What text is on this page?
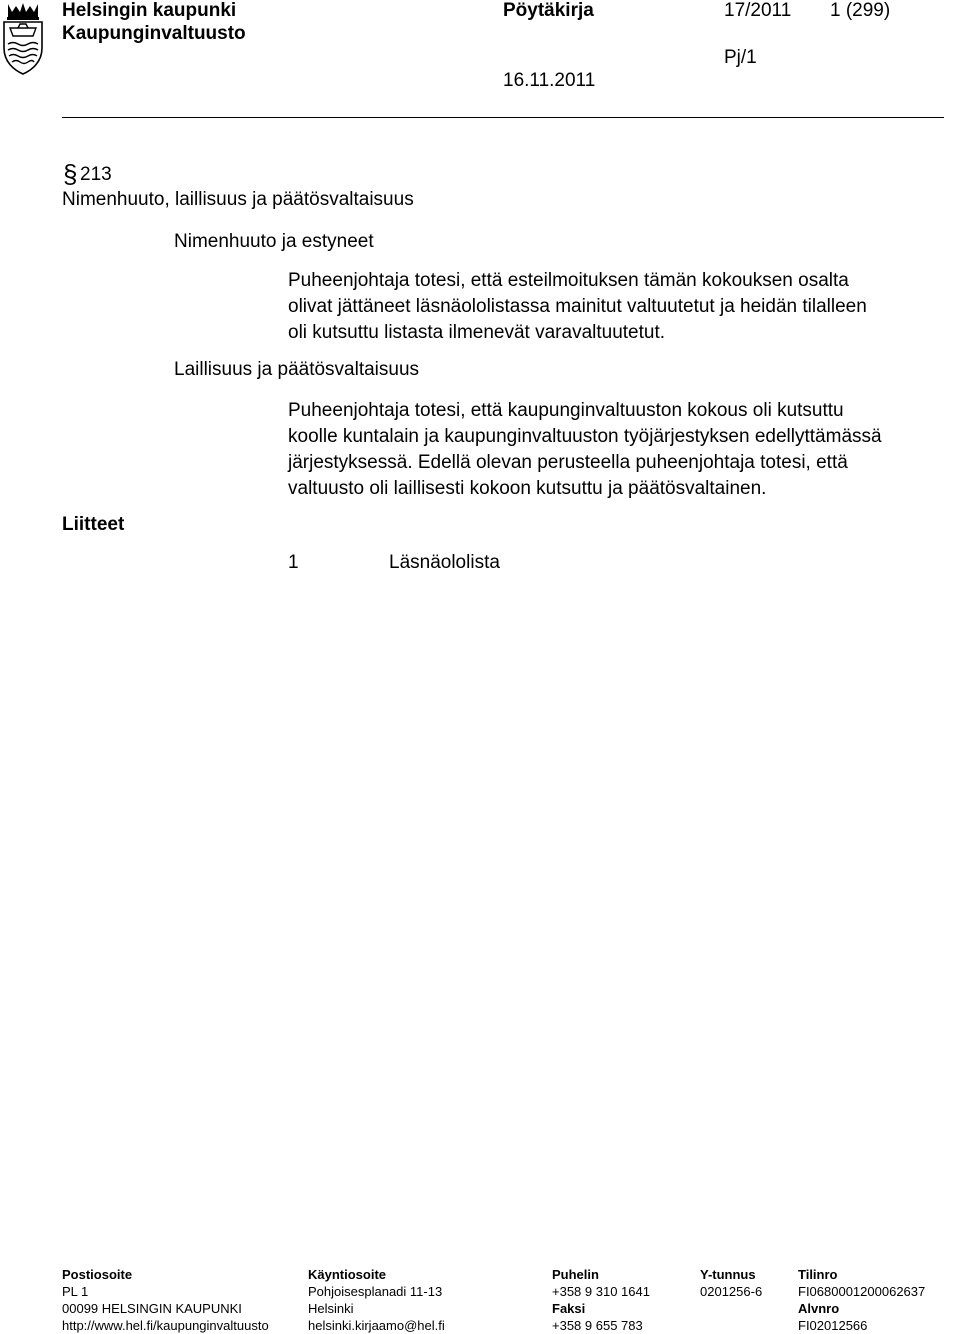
Helsingin kaupunki
Kaupunginvaltuusto
Pöytäkirja	17/2011 1 (299)
Pj/1
16.11.2011
§ 213
Nimenhuuto, laillisuus ja päätösvaltaisuus
Nimenhuuto ja estyneet
Puheenjohtaja totesi, että esteilmoituksen tämän kokouksen osalta
olivat jättäneet läsnäololistassa mainitut valtuutetut ja heidän tilalleen
oli kutsuttu listasta ilmenevät varavaltuutetut.
Laillisuus ja päätösvaltaisuus
Puheenjohtaja totesi, että kaupunginvaltuuston kokous oli kutsuttu
koolle kuntalain ja kaupunginvaltuuston työjärjestyksen edellyttämässä
järjestyksessä. Edellä olevan perusteella puheenjohtaja totesi, että
valtuusto oli laillisesti kokoon kutsuttu ja päätösvaltainen.
Liitteet
1	Läsnäololista
Postiosoite
PL 1
00099 HELSINGIN KAUPUNKI
http://www.hel.fi/kaupunginvaltuusto
Käyntiosoite
Pohjoisesplanadi 11-13
Helsinki
helsinki.kirjaamo@hel.fi
Puhelin
+358 9 310 1641
Faksi
+358 9 655 783
Y-tunnus
0201256-6
Tilinro
FI0680001200062637
Alvnro
FI02012566
